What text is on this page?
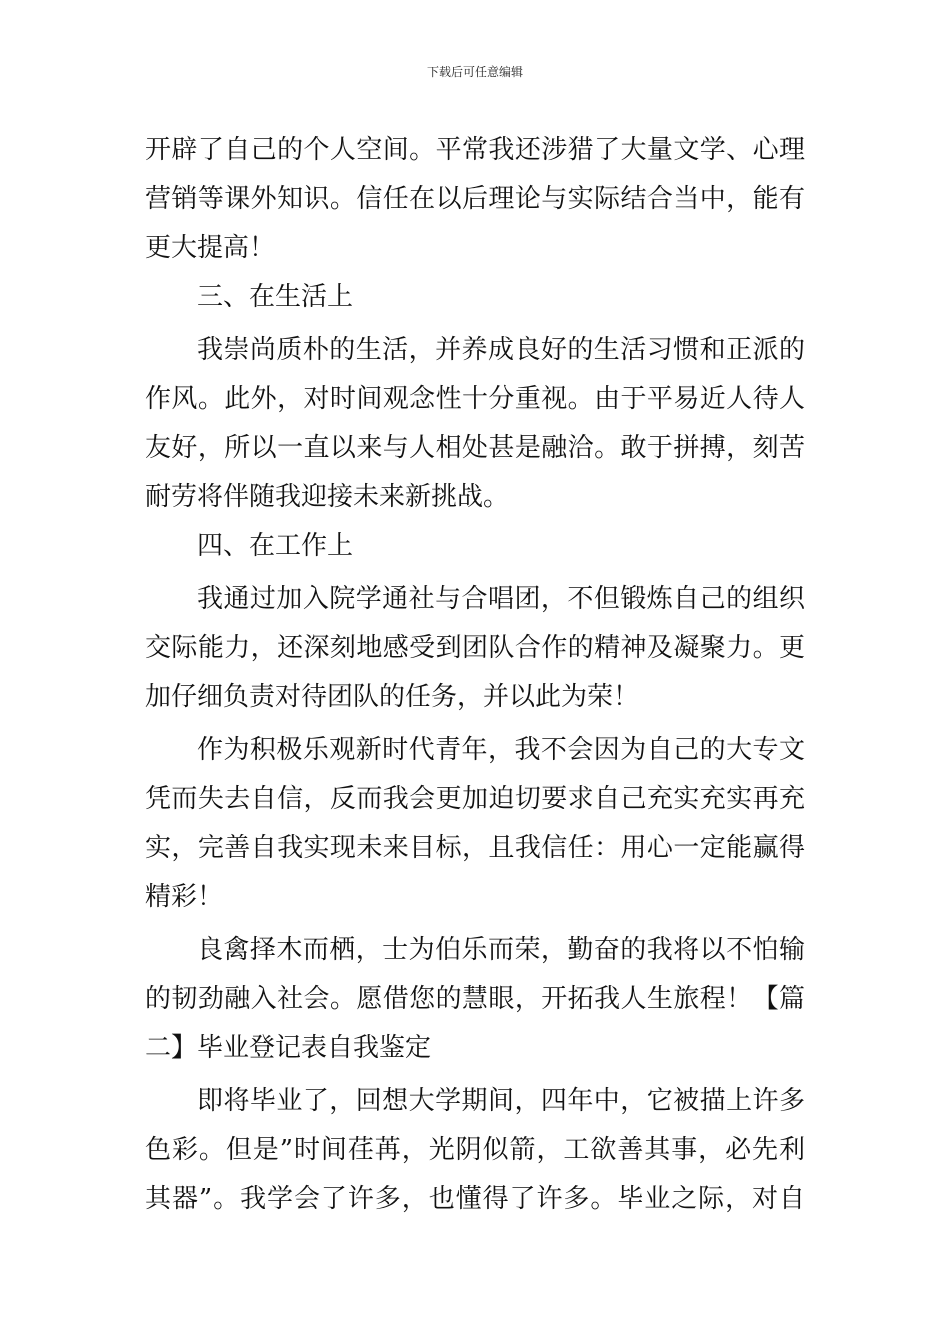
下载后可任意编辑
开辟了自己的个人空间。平常我还涉猎了大量文学、心理
营销等课外知识。信任在以后理论与实际结合当中，能有
更大提高！
三、在生活上
我崇尚质朴的生活，并养成良好的生活习惯和正派的
作风。此外，对时间观念性十分重视。由于平易近人待人
友好，所以一直以来与人相处甚是融洽。敢于拼搏，刻苦
耐劳将伴随我迎接未来新挑战。
四、在工作上
我通过加入院学通社与合唱团，不但锻炼自己的组织
交际能力，还深刻地感受到团队合作的精神及凝聚力。更
加仔细负责对待团队的任务，并以此为荣！
作为积极乐观新时代青年，我不会因为自己的大专文
凭而失去自信，反而我会更加迫切要求自己充实充实再充
实，完善自我实现未来目标，且我信任：用心一定能赢得
精彩！
良禽择木而栖，士为伯乐而荣，勤奋的我将以不怕输
的韧劲融入社会。愿借您的慧眼，开拓我人生旅程！【篇
二】毕业登记表自我鉴定
即将毕业了，回想大学期间，四年中，它被描上许多
色彩。但是”时间荏苒，光阴似箭，工欲善其事，必先利
其器”。我学会了许多，也懂得了许多。毕业之际，对自
